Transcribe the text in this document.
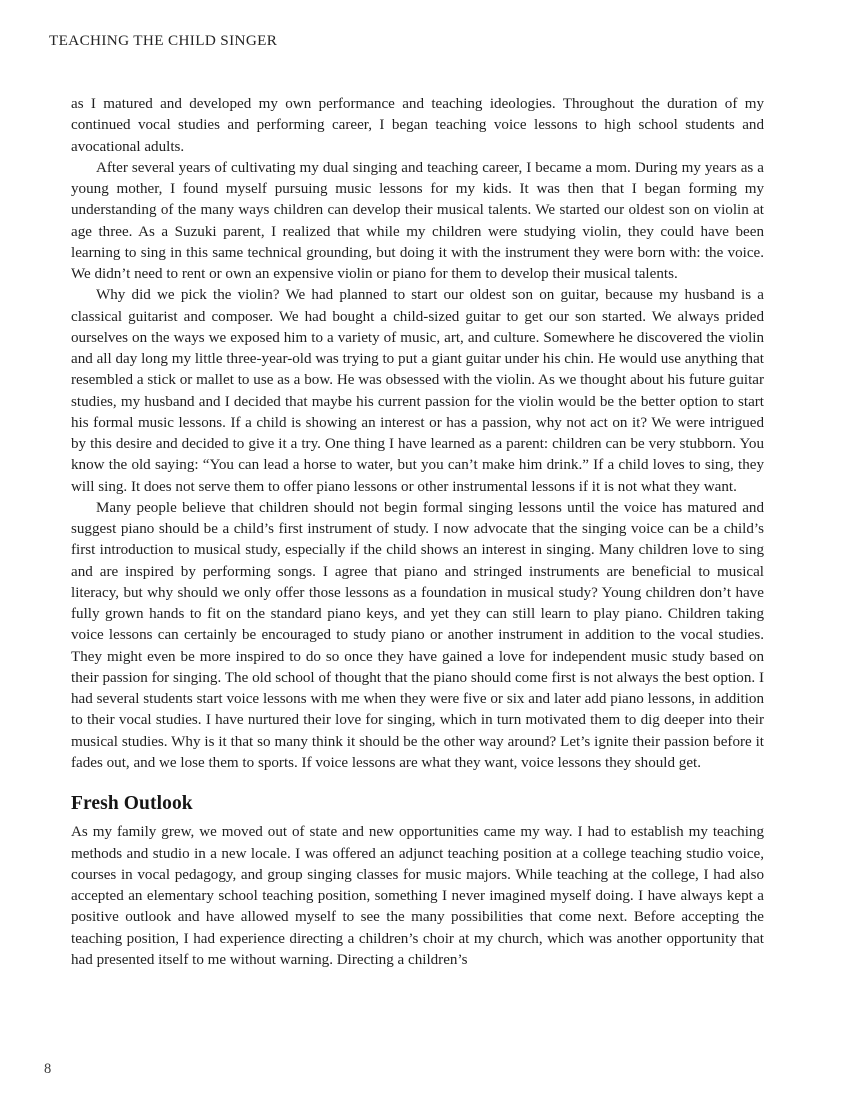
TEACHING THE CHILD SINGER

as I matured and developed my own performance and teaching ideologies. Throughout the duration of my continued vocal studies and performing career, I began teaching voice lessons to high school students and avocational adults.

After several years of cultivating my dual singing and teaching career, I became a mom. During my years as a young mother, I found myself pursuing music lessons for my kids. It was then that I began forming my understanding of the many ways children can develop their musical talents. We started our oldest son on violin at age three. As a Suzuki parent, I realized that while my children were studying violin, they could have been learning to sing in this same technical grounding, but doing it with the instrument they were born with: the voice. We didn’t need to rent or own an expensive violin or piano for them to develop their musical talents.

Why did we pick the violin? We had planned to start our oldest son on guitar, because my husband is a classical guitarist and composer. We had bought a child-sized guitar to get our son started. We always prided ourselves on the ways we exposed him to a variety of music, art, and culture. Somewhere he discovered the violin and all day long my little three-year-old was trying to put a giant guitar under his chin. He would use anything that resembled a stick or mallet to use as a bow. He was obsessed with the violin. As we thought about his future guitar studies, my husband and I decided that maybe his current passion for the violin would be the better option to start his formal music lessons. If a child is showing an interest or has a passion, why not act on it? We were intrigued by this desire and decided to give it a try. One thing I have learned as a parent: children can be very stubborn. You know the old saying: “You can lead a horse to water, but you can’t make him drink.” If a child loves to sing, they will sing. It does not serve them to offer piano lessons or other instrumental lessons if it is not what they want.

Many people believe that children should not begin formal singing lessons until the voice has matured and suggest piano should be a child’s first instrument of study. I now advocate that the singing voice can be a child’s first introduction to musical study, especially if the child shows an interest in singing. Many children love to sing and are inspired by performing songs. I agree that piano and stringed instruments are beneficial to musical literacy, but why should we only offer those lessons as a foundation in musical study? Young children don’t have fully grown hands to fit on the standard piano keys, and yet they can still learn to play piano. Children taking voice lessons can certainly be encouraged to study piano or another instrument in addition to the vocal studies. They might even be more inspired to do so once they have gained a love for independent music study based on their passion for singing. The old school of thought that the piano should come first is not always the best option. I had several students start voice lessons with me when they were five or six and later add piano lessons, in addition to their vocal studies. I have nurtured their love for singing, which in turn motivated them to dig deeper into their musical studies. Why is it that so many think it should be the other way around? Let’s ignite their passion before it fades out, and we lose them to sports. If voice lessons are what they want, voice lessons they should get.

Fresh Outlook

As my family grew, we moved out of state and new opportunities came my way. I had to establish my teaching methods and studio in a new locale. I was offered an adjunct teaching position at a college teaching studio voice, courses in vocal pedagogy, and group singing classes for music majors. While teaching at the college, I had also accepted an elementary school teaching position, something I never imagined myself doing. I have always kept a positive outlook and have allowed myself to see the many possibilities that come next. Before accepting the teaching position, I had experience directing a children’s choir at my church, which was another opportunity that had presented itself to me without warning. Directing a children’s

8
